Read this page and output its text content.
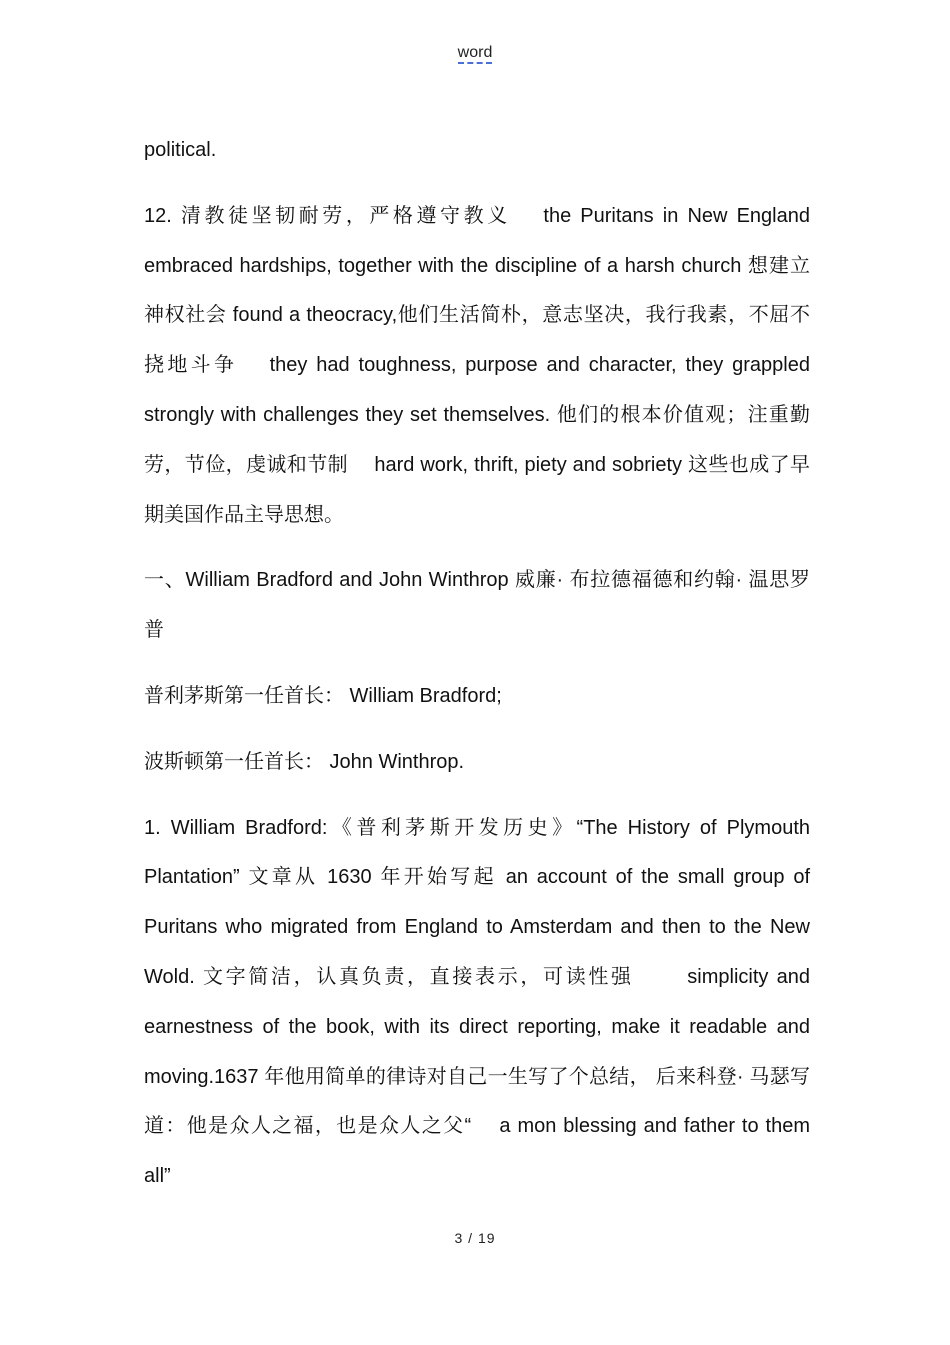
word

political.

12. 清教徒坚韧耐劳，严格遵守教义 　the Puritans in New England embraced hardships, together with the discipline of a harsh church 想建立神权社会 found a theocracy,他们生活简朴，意志坚决，我行我素，不屈不挠地斗争 　they had toughness, purpose and character, they grappled strongly with challenges they set themselves. 他们的根本价值观；注重勤劳，节俭，虔诚和节制 　hard work, thrift, piety and sobriety 这些也成了早期美国作品主导思想。

一、William Bradford and John Winthrop 威廉· 布拉德福德和约翰· 温思罗普

普利茅斯第一任首长： William Bradford;

波斯顿第一任首长： John Winthrop.

1. William Bradford:《普利茅斯开发历史》“The History of Plymouth Plantation” 文章从 1630 年开始写起 an account of the small group of Puritans who migrated from England to Amsterdam and then to the New Wold. 文字简洁，认真负责，直接表示，可读性强 　　simplicity and earnestness of the book, with its direct reporting, make it readable and moving.1637 年他用简单的律诗对自己一生写了个总结， 后来科登· 马瑟写道：他是众人之福，也是众人之父“ 　a mon blessing and father to them all”

3 / 19
